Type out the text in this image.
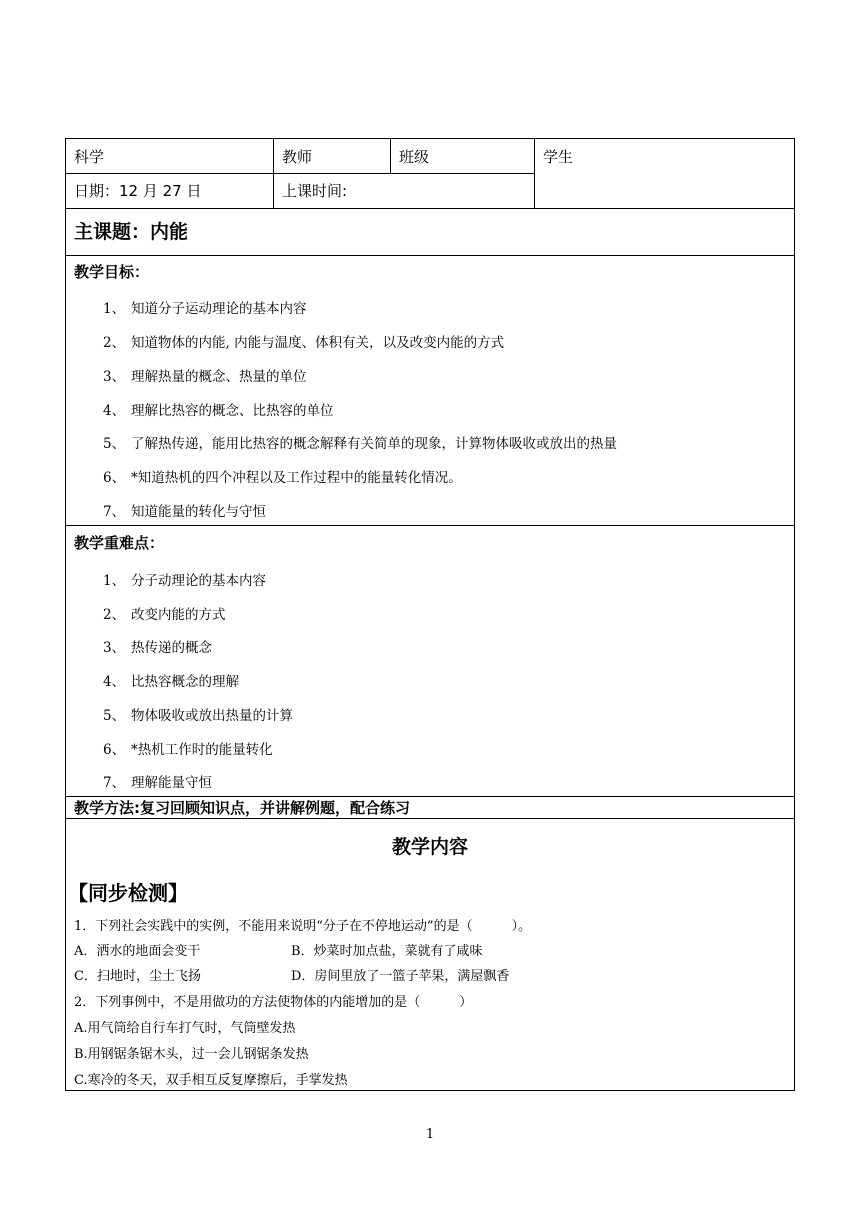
科学	教师	班级	学生
日期：12 月 27 日	上课时间:
主课题：内能
教学目标：
1、 知道分子运动理论的基本内容
2、 知道物体的内能, 内能与温度、体积有关，以及改变内能的方式
3、 理解热量的概念、热量的单位
4、 理解比热容的概念、比热容的单位
5、 了解热传递，能用比热容的概念解释有关简单的现象，计算物体吸收或放出的热量
6、 *知道热机的四个冲程以及工作过程中的能量转化情况。
7、 知道能量的转化与守恒
教学重难点：
1、 分子动理论的基本内容
2、 改变内能的方式
3、 热传递的概念
4、 比热容概念的理解
5、 物体吸收或放出热量的计算
6、 *热机工作时的能量转化
7、 理解能量守恒
教学方法:复习回顾知识点，并讲解例题，配合练习
教学内容
【同步检测】
1．下列社会实践中的实例，不能用来说明“分子在不停地运动”的是（　　　）。
A．洒水的地面会变干	B．炒菜时加点盐，菜就有了咸味
C．扫地时，尘土飞扬	D．房间里放了一篮子苹果，满屋飘香
2．下列事例中，不是用做功的方法使物体的内能增加的是（　　　）
A.用气筒给自行车打气时，气筒壁发热
B.用钢锯条锯木头，过一会儿钢锯条发热
C.寒冷的冬天，双手相互反复摩擦后，手掌发热
1
